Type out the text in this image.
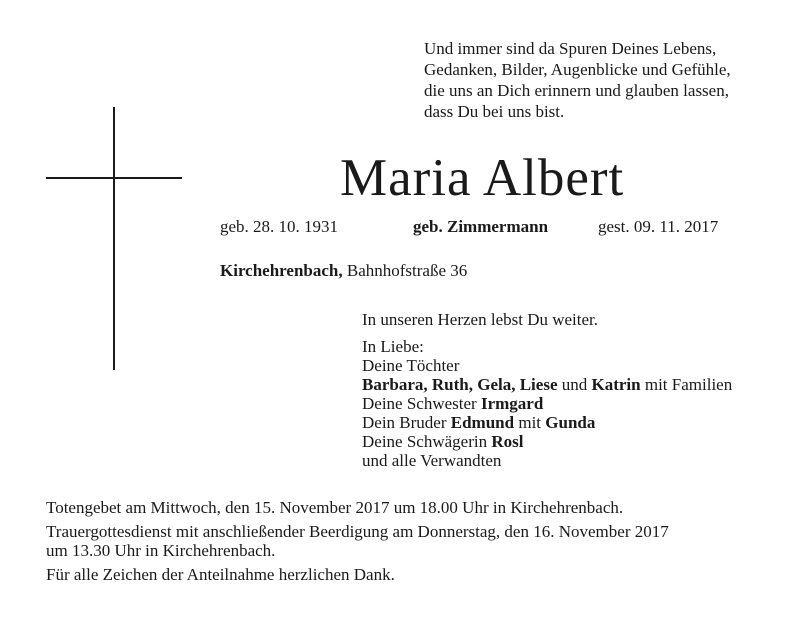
Und immer sind da Spuren Deines Lebens,
Gedanken, Bilder, Augenblicke und Gefühle,
die uns an Dich erinnern und glauben lassen,
dass Du bei uns bist.
Maria Albert
geb. 28. 10. 1931	geb. Zimmermann	gest. 09. 11. 2017
Kirchehrenbach, Bahnhofstraße 36
In unseren Herzen lebst Du weiter.
In Liebe:
Deine Töchter
Barbara, Ruth, Gela, Liese und Katrin mit Familien
Deine Schwester Irmgard
Dein Bruder Edmund mit Gunda
Deine Schwägerin Rosl
und alle Verwandten

Totengebet am Mittwoch, den 15. November 2017 um 18.00 Uhr in Kirchehrenbach.

Trauergottesdienst mit anschließender Beerdigung am Donnerstag, den 16. November 2017
um 13.30 Uhr in Kirchehrenbach.

Für alle Zeichen der Anteilnahme herzlichen Dank.
